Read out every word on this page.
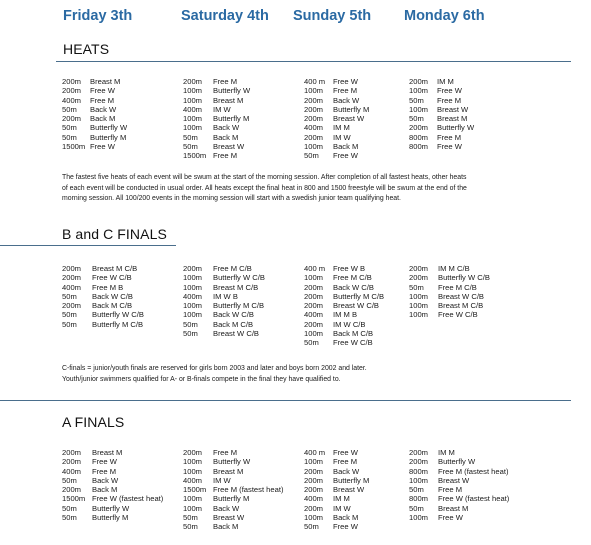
Friday 3th	Saturday 4th Sunday 5th Monday 6th
HEATS
200m Breast M
200m Free W
400m Free M
50m Back W
200m Back M
50m Butterfly W
50m Butterfly M
1500m Free W
200m Free M
100m Butterfly W
100m Breast M
400m IM W
100m Butterfly M
100m Back W
50m Back M
50m Breast W
1500m Free M
400 m Free W
100m Free M
200m Back W
200m Butterfly M
200m Breast W
400m IM M
200m IM W
100m Back M
50m Free W
200m IM M
100m Free W
50m Free M
100m Breast W
50m Breast M
200m Butterfly W
800m Free M
800m Free W

The fastest five heats of each event will be swum at the start of the morning session. After completion of all fastest heats, other heats

of each event will be conducted in usual order. All heats except the final heat in 800 and 1500 freestyle will be swum at the end of the

morning session. All 100/200 events in the morning session will start with a swedish junior team qualifying heat.

B and C FINALS
200m Breast M C/B
200m Free W C/B
400m Free M B
50m Back W C/B
200m Back M C/B
50m Butterfly W C/B
50m Butterfly M C/B
200m Free M C/B
100m Butterfly W C/B
100m Breast M C/B
400m IM W B
100m Butterfly M C/B
100m Back W C/B
50m Back M C/B
50m Breast W C/B
400 m Free W B
100m Free M C/B
200m Back W C/B
200m Butterfly M C/B
200m Breast W C/B
400m IM M B
200m IM W C/B
100m Back M C/B
50m Free W C/B
200m IM M C/B
200m Butterfly W C/B
50m Free M C/B
100m Breast W C/B
100m Breast M C/B
100m Free W C/B

C-finals = junior/youth finals are reserved for girls born 2003 and later and boys born 2002 and later.

Youth/junior swimmers qualified for A- or B-finals compete in the final they have qualified to.

A FINALS
200m Breast M
200m Free W
400m Free M
50m Back W
200m Back M
1500m Free W (fastest heat)
50m Butterfly W
50m Butterfly M
200m Free M
100m Butterfly W
100m Breast M
400m IM W
1500m Free M (fastest heat)
100m Butterfly M
100m Back W
50m Breast W
50m Back M
400 m Free W
100m Free M
200m Back W
200m Butterfly M
200m Breast W
400m IM M
200m IM W
100m Back M
50m Free W
200m IM M
200m Butterfly W
800m Free M (fastest heat)
100m Breast W
50m Free M
800m Free W (fastest heat)
50m Breast M
100m Free W
